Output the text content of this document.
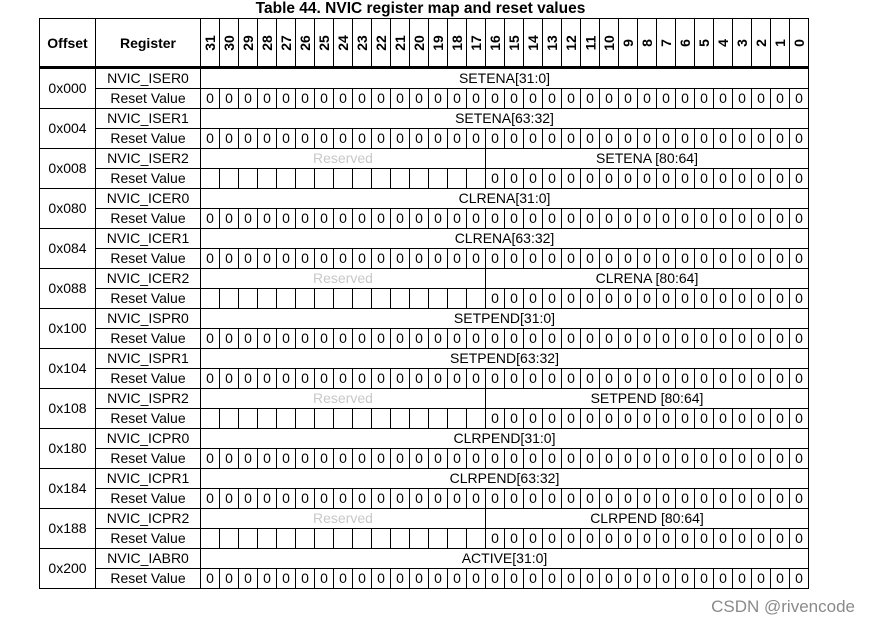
Table 44. NVIC register map and reset values
Offset	Register	31	30	29	28	27	26	25	24	23	22	21	20	19	18	17	16	15	14	13	12	11	10	9	8	7	6	5	4	3	2	1	0
0x000	NVIC_ISER0	SETENA[31:0]																															
	Reset Value	0	0	0	0	0	0	0	0	0	0	0	0	0	0	0	0	0	0	0	0	0	0	0	0	0	0	0	0	0	0	0	0
0x004	NVIC_ISER1	SETENA[63:32]																															
	Reset Value	0	0	0	0	0	0	0	0	0	0	0	0	0	0	0	0	0	0	0	0	0	0	0	0	0	0	0	0	0	0	0	0
0x008	NVIC_ISER2	Reserved															SETENA [80:64]																
	Reset Value																0	0	0	0	0	0	0	0	0	0	0	0	0	0	0	0	0
0x080	NVIC_ICER0	CLRENA[31:0]																															
	Reset Value	0	0	0	0	0	0	0	0	0	0	0	0	0	0	0	0	0	0	0	0	0	0	0	0	0	0	0	0	0	0	0	0
0x084	NVIC_ICER1	CLRENA[63:32]																															
	Reset Value	0	0	0	0	0	0	0	0	0	0	0	0	0	0	0	0	0	0	0	0	0	0	0	0	0	0	0	0	0	0	0	0
0x088	NVIC_ICER2	Reserved															CLRENA [80:64]																
	Reset Value																0	0	0	0	0	0	0	0	0	0	0	0	0	0	0	0	0
0x100	NVIC_ISPR0	SETPEND[31:0]																															
	Reset Value	0	0	0	0	0	0	0	0	0	0	0	0	0	0	0	0	0	0	0	0	0	0	0	0	0	0	0	0	0	0	0	0
0x104	NVIC_ISPR1	SETPEND[63:32]																															
	Reset Value	0	0	0	0	0	0	0	0	0	0	0	0	0	0	0	0	0	0	0	0	0	0	0	0	0	0	0	0	0	0	0	0
0x108	NVIC_ISPR2	Reserved															SETPEND [80:64]																
	Reset Value																0	0	0	0	0	0	0	0	0	0	0	0	0	0	0	0	0
0x180	NVIC_ICPR0	CLRPEND[31:0]																															
	Reset Value	0	0	0	0	0	0	0	0	0	0	0	0	0	0	0	0	0	0	0	0	0	0	0	0	0	0	0	0	0	0	0	0
0x184	NVIC_ICPR1	CLRPEND[63:32]																															
	Reset Value	0	0	0	0	0	0	0	0	0	0	0	0	0	0	0	0	0	0	0	0	0	0	0	0	0	0	0	0	0	0	0	0
0x188	NVIC_ICPR2	Reserved															CLRPEND [80:64]																
	Reset Value																0	0	0	0	0	0	0	0	0	0	0	0	0	0	0	0	0
0x200	NVIC_IABR0	ACTIVE[31:0]																															
	Reset Value	0	0	0	0	0	0	0	0	0	0	0	0	0	0	0	0	0	0	0	0	0	0	0	0	0	0	0	0	0	0	0	0
CSDN @rivencode
